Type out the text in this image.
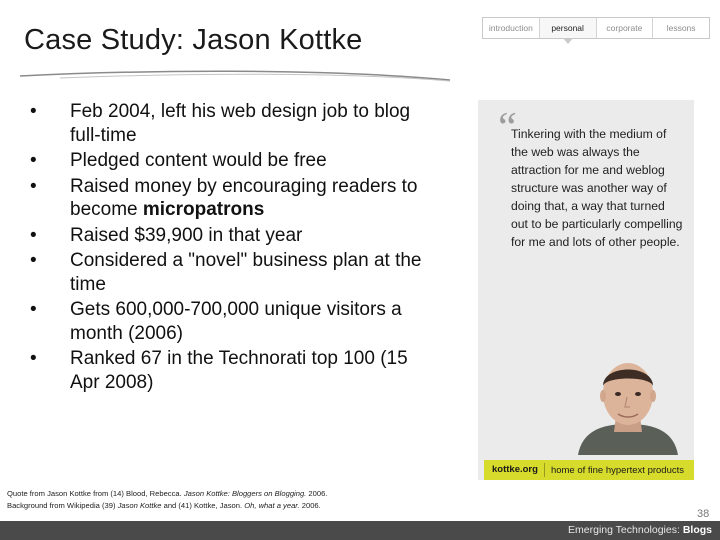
Case Study: Jason Kottke	introduction	personal	corporate	lessons
• Feb 2004, left his web design job to blog full-time
• Pledged content would be free
• Raised money by encouraging readers to become micropatrons
• Raised $39,900 in that year
• Considered a "novel" business plan at the time
• Gets 600,000-700,000 unique visitors a month (2006)
• Ranked 67 in the Technorati top 100 (15 Apr 2008)
“
Tinkering with the medium of the web was always the attraction for me and weblog structure was another way of doing that, a way that turned out to be particularly compelling for me and lots of other people.
kottke.org	home of fine hypertext products
Quote from Jason Kottke from (14) Blood, Rebecca. Jason Kottke: Bloggers on Blogging. 2006.
Background from Wikipedia (39) Jason Kottke and (41) Kottke, Jason. Oh, what a year. 2006.
38
Emerging Technologies: Blogs
